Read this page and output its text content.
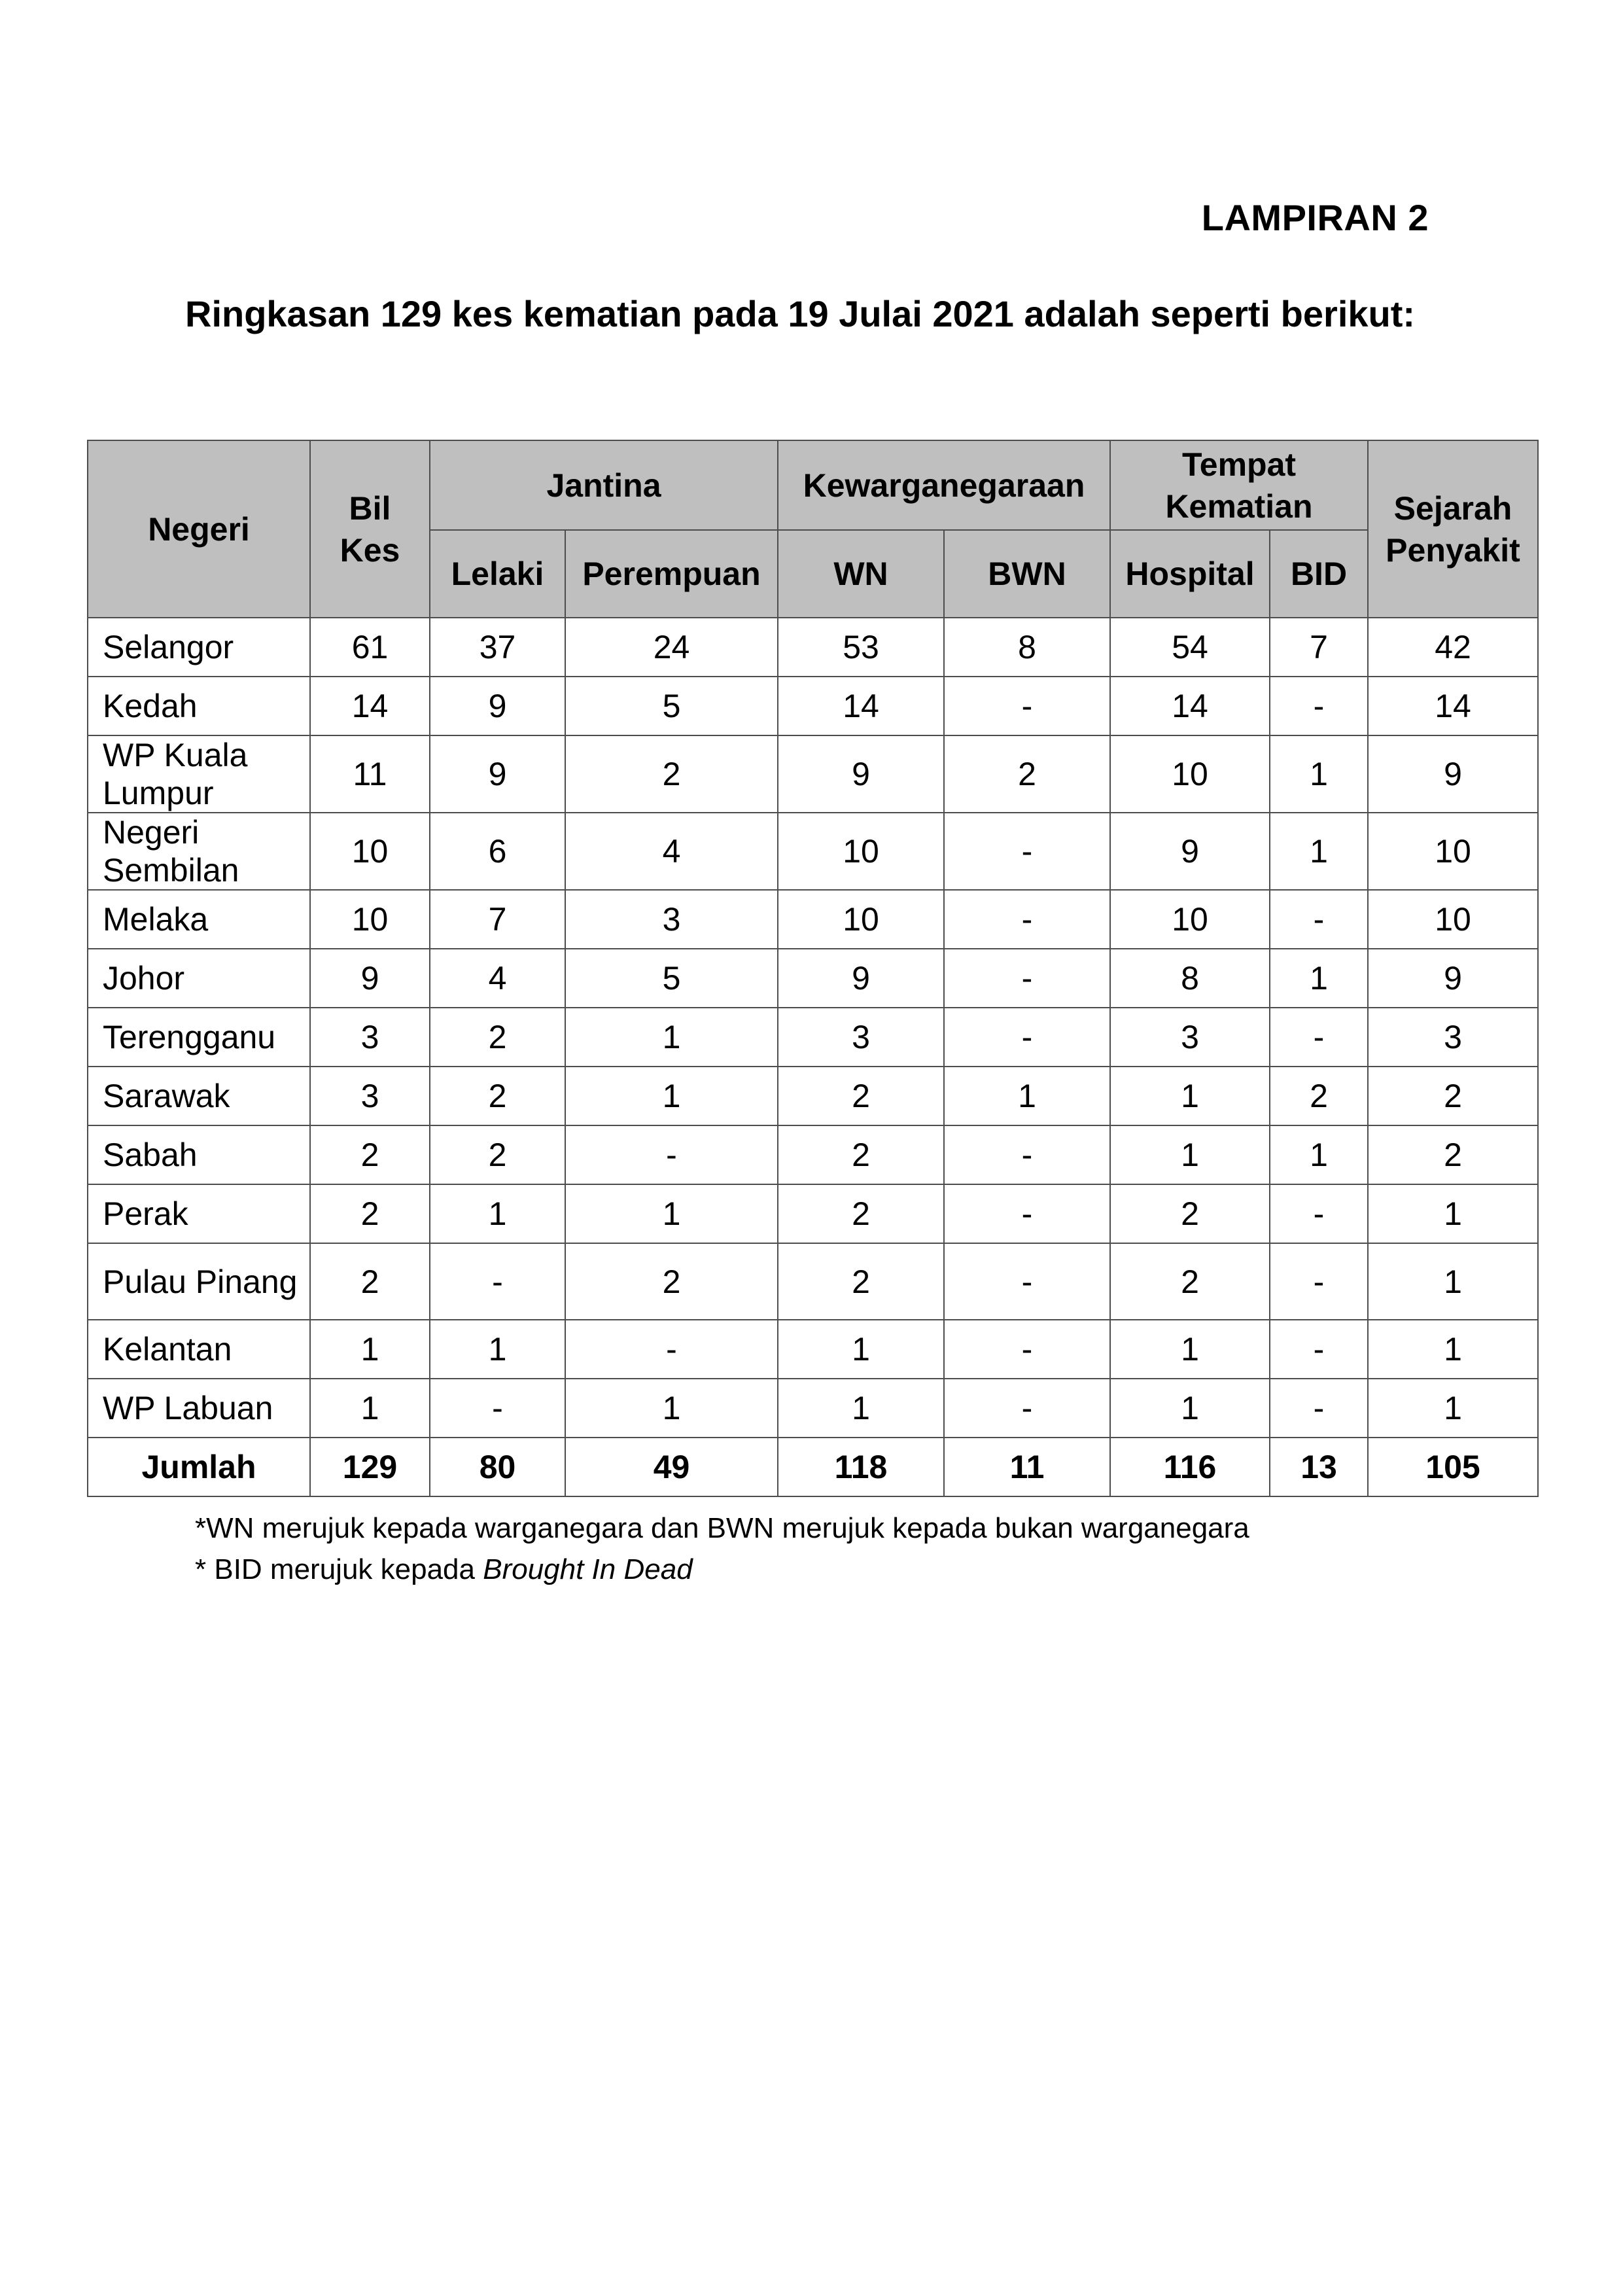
LAMPIRAN 2
Ringkasan 129 kes kematian pada 19 Julai 2021 adalah seperti berikut:
Negeri	Bil Kes	Jantina		Kewarganegaraan		Tempat Kematian		Sejarah Penyakit
		Lelaki	Perempuan	WN	BWN	Hospital	BID	
Selangor	61	37	24	53	8	54	7	42
Kedah	14	9	5	14	-	14	-	14
WP Kuala Lumpur	11	9	2	9	2	10	1	9
Negeri Sembilan	10	6	4	10	-	9	1	10
Melaka	10	7	3	10	-	10	-	10
Johor	9	4	5	9	-	8	1	9
Terengganu	3	2	1	3	-	3	-	3
Sarawak	3	2	1	2	1	1	2	2
Sabah	2	2	-	2	-	1	1	2
Perak	2	1	1	2	-	2	-	1
Pulau Pinang	2	-	2	2	-	2	-	1
Kelantan	1	1	-	1	-	1	-	1
WP Labuan	1	-	1	1	-	1	-	1
Jumlah	129	80	49	118	11	116	13	105
*WN merujuk kepada warganegara dan BWN merujuk kepada bukan warganegara
* BID merujuk kepada Brought In Dead
